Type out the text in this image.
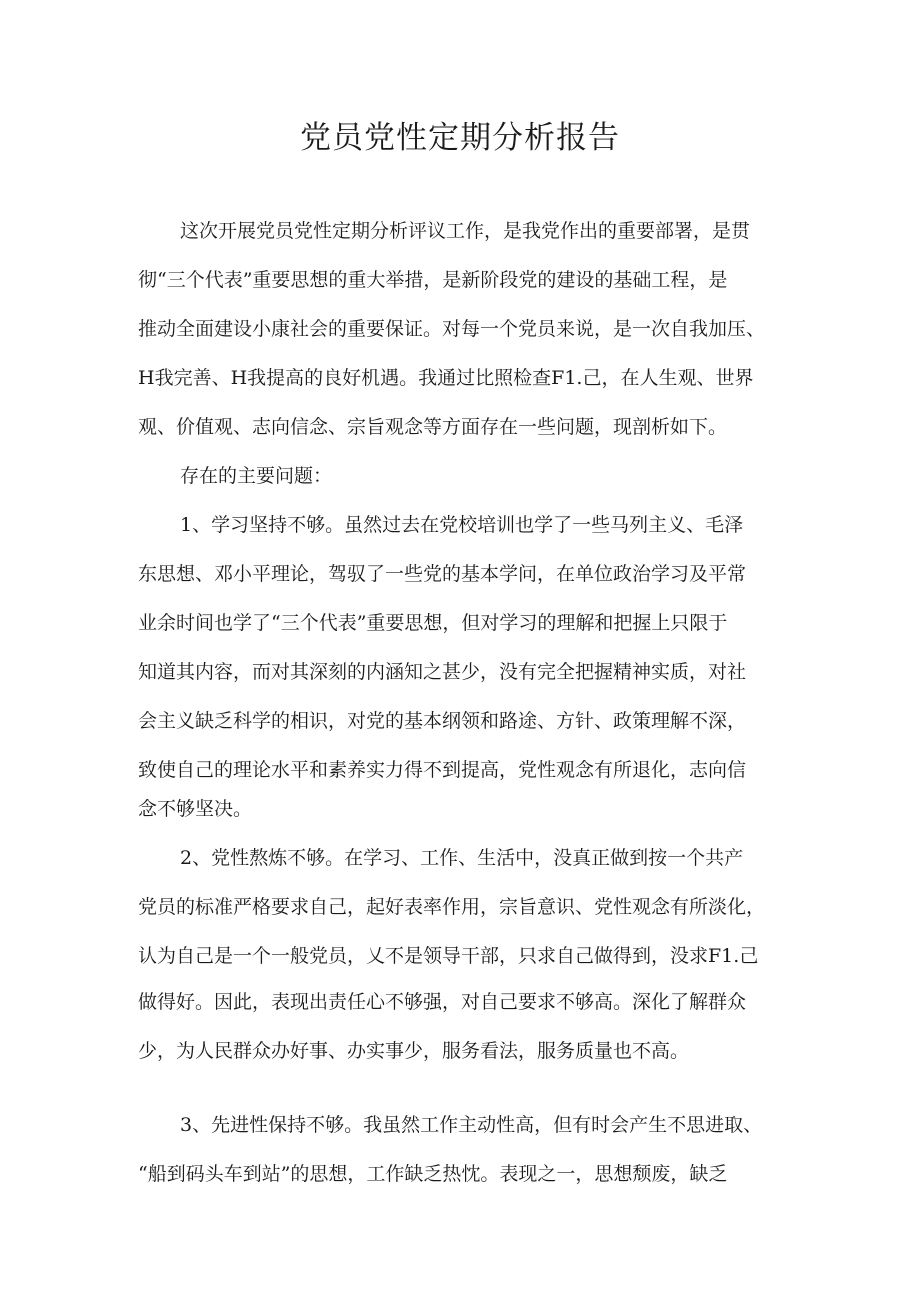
党员党性定期分析报告

这次开展党员党性定期分析评议工作，是我党作出的重要部署，是贯

彻“三个代表”重要思想的重大举措，是新阶段党的建设的基础工程，是

推动全面建设小康社会的重要保证。对每一个党员来说，是一次自我加压、

H我完善、H我提高的良好机遇。我通过比照检查F1.己，在人生观、世界

观、价值观、志向信念、宗旨观念等方面存在一些问题，现剖析如下。

存在的主要问题：

1、学习坚持不够。虽然过去在党校培训也学了一些马列主义、毛泽

东思想、邓小平理论，驾驭了一些党的基本学问，在单位政治学习及平常

业余时间也学了“三个代表”重要思想，但对学习的理解和把握上只限于

知道其内容，而对其深刻的内涵知之甚少，没有完全把握精神实质，对社

会主义缺乏科学的相识，对党的基本纲领和路途、方针、政策理解不深，

致使自己的理论水平和素养实力得不到提高，党性观念有所退化，志向信

念不够坚决。

2、党性熬炼不够。在学习、工作、生活中，没真正做到按一个共产

党员的标准严格要求自己，起好表率作用，宗旨意识、党性观念有所淡化，

认为自己是一个一般党员，乂不是领导干部，只求自己做得到，没求F1.己

做得好。因此，表现出责任心不够强，对自己要求不够高。深化了解群众

少，为人民群众办好事、办实事少，服务看法，服务质量也不高。

3、先进性保持不够。我虽然工作主动性高，但有时会产生不思进取、

“船到码头车到站”的思想，工作缺乏热忱。表现之一，思想颓废，缺乏
